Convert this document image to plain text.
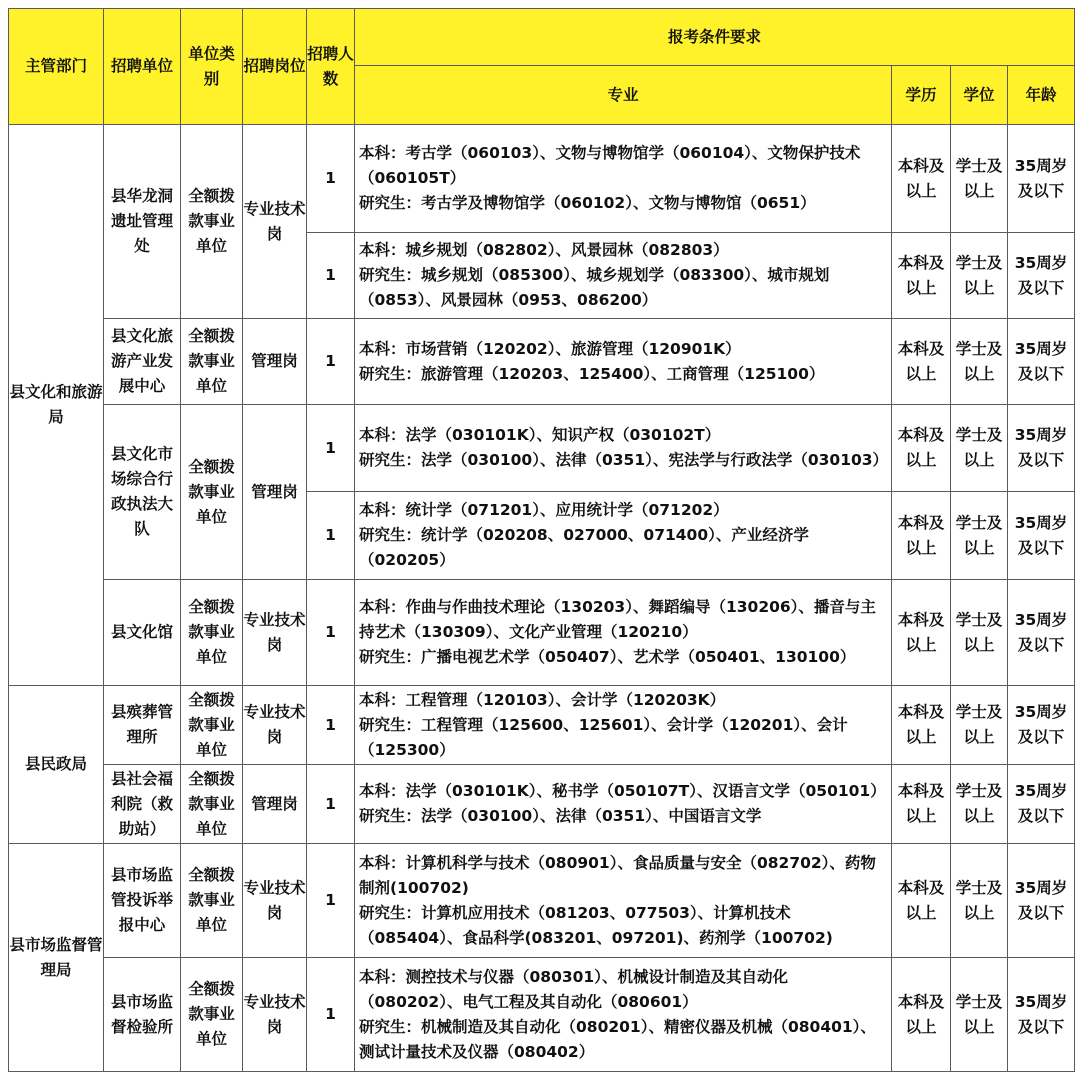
主管部门	招聘单位	单位类别	招聘岗位	招聘人数	报考条件要求			
					专业	学历	学位	年龄
县文化和旅游局	县华龙洞遗址管理处	全额拨款事业单位	专业技术岗	1	本科：考古学（060103）、文物与博物馆学（060104）、文物保护技术（060105T）
研究生：考古学及博物馆学（060102）、文物与博物馆（0651）	本科及以上	学士及以上	35周岁及以下
				1	本科：城乡规划（082802）、风景园林（082803）
研究生：城乡规划（085300）、城乡规划学（083300）、城市规划（0853）、风景园林（0953、086200）	本科及以上	学士及以上	35周岁及以下
	县文化旅游产业发展中心	全额拨款事业单位	管理岗	1	本科：市场营销（120202）、旅游管理（120901K）
研究生：旅游管理（120203、125400）、工商管理（125100）	本科及以上	学士及以上	35周岁及以下
	县文化市场综合行政执法大队	全额拨款事业单位	管理岗	1	本科：法学（030101K）、知识产权（030102T）
研究生：法学（030100）、法律（0351）、宪法学与行政法学（030103）	本科及以上	学士及以上	35周岁及以下
				1	本科：统计学（071201）、应用统计学（071202）
研究生：统计学（020208、027000、071400）、产业经济学（020205）	本科及以上	学士及以上	35周岁及以下
	县文化馆	全额拨款事业单位	专业技术岗	1	本科：作曲与作曲技术理论（130203）、舞蹈编导（130206）、播音与主持艺术（130309）、文化产业管理（120210）
研究生：广播电视艺术学（050407）、艺术学（050401、130100）	本科及以上	学士及以上	35周岁及以下
县民政局	县殡葬管理所	全额拨款事业单位	专业技术岗	1	本科：工程管理（120103）、会计学（120203K）
研究生：工程管理（125600、125601）、会计学（120201）、会计（125300）	本科及以上	学士及以上	35周岁及以下
	县社会福利院（救助站）	全额拨款事业单位	管理岗	1	本科：法学（030101K）、秘书学（050107T）、汉语言文学（050101）
研究生：法学（030100）、法律（0351）、中国语言文学	本科及以上	学士及以上	35周岁及以下
县市场监督管理局	县市场监管投诉举报中心	全额拨款事业单位	专业技术岗	1	本科：计算机科学与技术（080901）、食品质量与安全（082702）、药物制剂(100702)
研究生：计算机应用技术（081203、077503）、计算机技术（085404）、食品科学(083201、097201)、药剂学（100702)	本科及以上	学士及以上	35周岁及以下
	县市场监督检验所	全额拨款事业单位	专业技术岗	1	本科：测控技术与仪器（080301）、机械设计制造及其自动化（080202）、电气工程及其自动化（080601）
研究生：机械制造及其自动化（080201）、精密仪器及机械（080401）、测试计量技术及仪器（080402）	本科及以上	学士及以上	35周岁及以下
